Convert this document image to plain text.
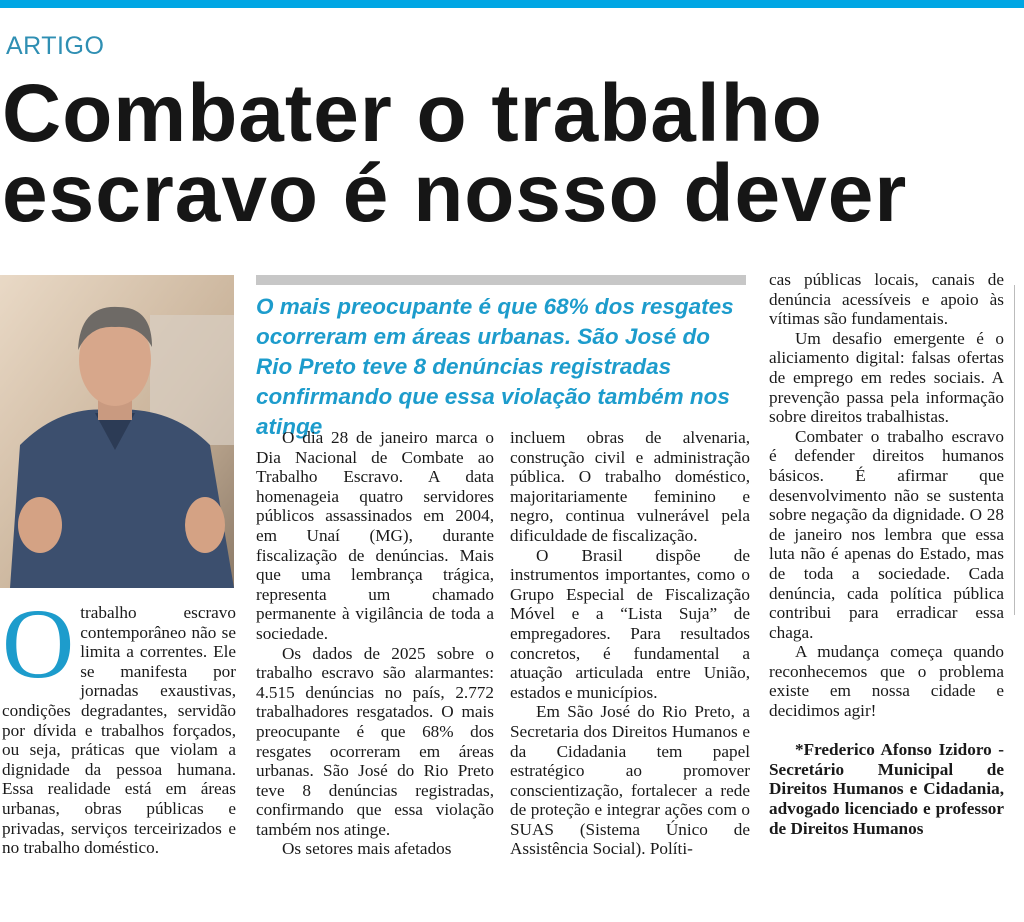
ARTIGO
Combater o trabalho
escravo é nosso dever

O mais preocupante é que 68% dos resgates ocorreram em áreas urbanas. São José do Rio Preto teve 8 denúncias registradas confirmando que essa violação também nos atinge

Otrabalho escravo contemporâneo não se limita a correntes. Ele se manifesta por jornadas exaustivas, condições degradantes, servidão por dívida e trabalhos forçados, ou seja, práticas que violam a dignidade da pessoa humana. Essa realidade está em áreas urbanas, obras públicas e privadas, serviços terceirizados e no trabalho doméstico.

O dia 28 de janeiro marca o Dia Nacional de Combate ao Trabalho Escravo. A data homenageia quatro servidores públicos assassinados em 2004, em Unaí (MG), durante fiscalização de denúncias. Mais que uma lembrança trágica, representa um chamado permanente à vigilância de toda a sociedade.

Os dados de 2025 sobre o trabalho escravo são alarmantes: 4.515 denúncias no país, 2.772 trabalhadores resgatados. O mais preocupante é que 68% dos resgates ocorreram em áreas urbanas. São José do Rio Preto teve 8 denúncias registradas, confirmando que essa violação também nos atinge.

Os setores mais afetados

incluem obras de alvenaria, construção civil e administração pública. O trabalho doméstico, majoritariamente feminino e negro, continua vulnerável pela dificuldade de fiscalização.

O Brasil dispõe de instrumentos importantes, como o Grupo Especial de Fiscalização Móvel e a “Lista Suja” de empregadores. Para resultados concretos, é fundamental a atuação articulada entre União, estados e municípios.

Em São José do Rio Preto, a Secretaria dos Direitos Humanos e da Cidadania tem papel estratégico ao promover conscientização, fortalecer a rede de proteção e integrar ações com o SUAS (Sistema Único de Assistência Social). Políti-

cas públicas locais, canais de denúncia acessíveis e apoio às vítimas são fundamentais.

Um desafio emergente é o aliciamento digital: falsas ofertas de emprego em redes sociais. A prevenção passa pela informação sobre direitos trabalhistas.

Combater o trabalho escravo é defender direitos humanos básicos. É afirmar que desenvolvimento não se sustenta sobre negação da dignidade. O 28 de janeiro nos lembra que essa luta não é apenas do Estado, mas de toda a sociedade. Cada denúncia, cada política pública contribui para erradicar essa chaga.

A mudança começa quando reconhecemos que o problema existe em nossa cidade e decidimos agir!

*Frederico Afonso Izidoro - Secretário Municipal de Direitos Humanos e Cidadania, advogado licenciado e professor de Direitos Humanos
